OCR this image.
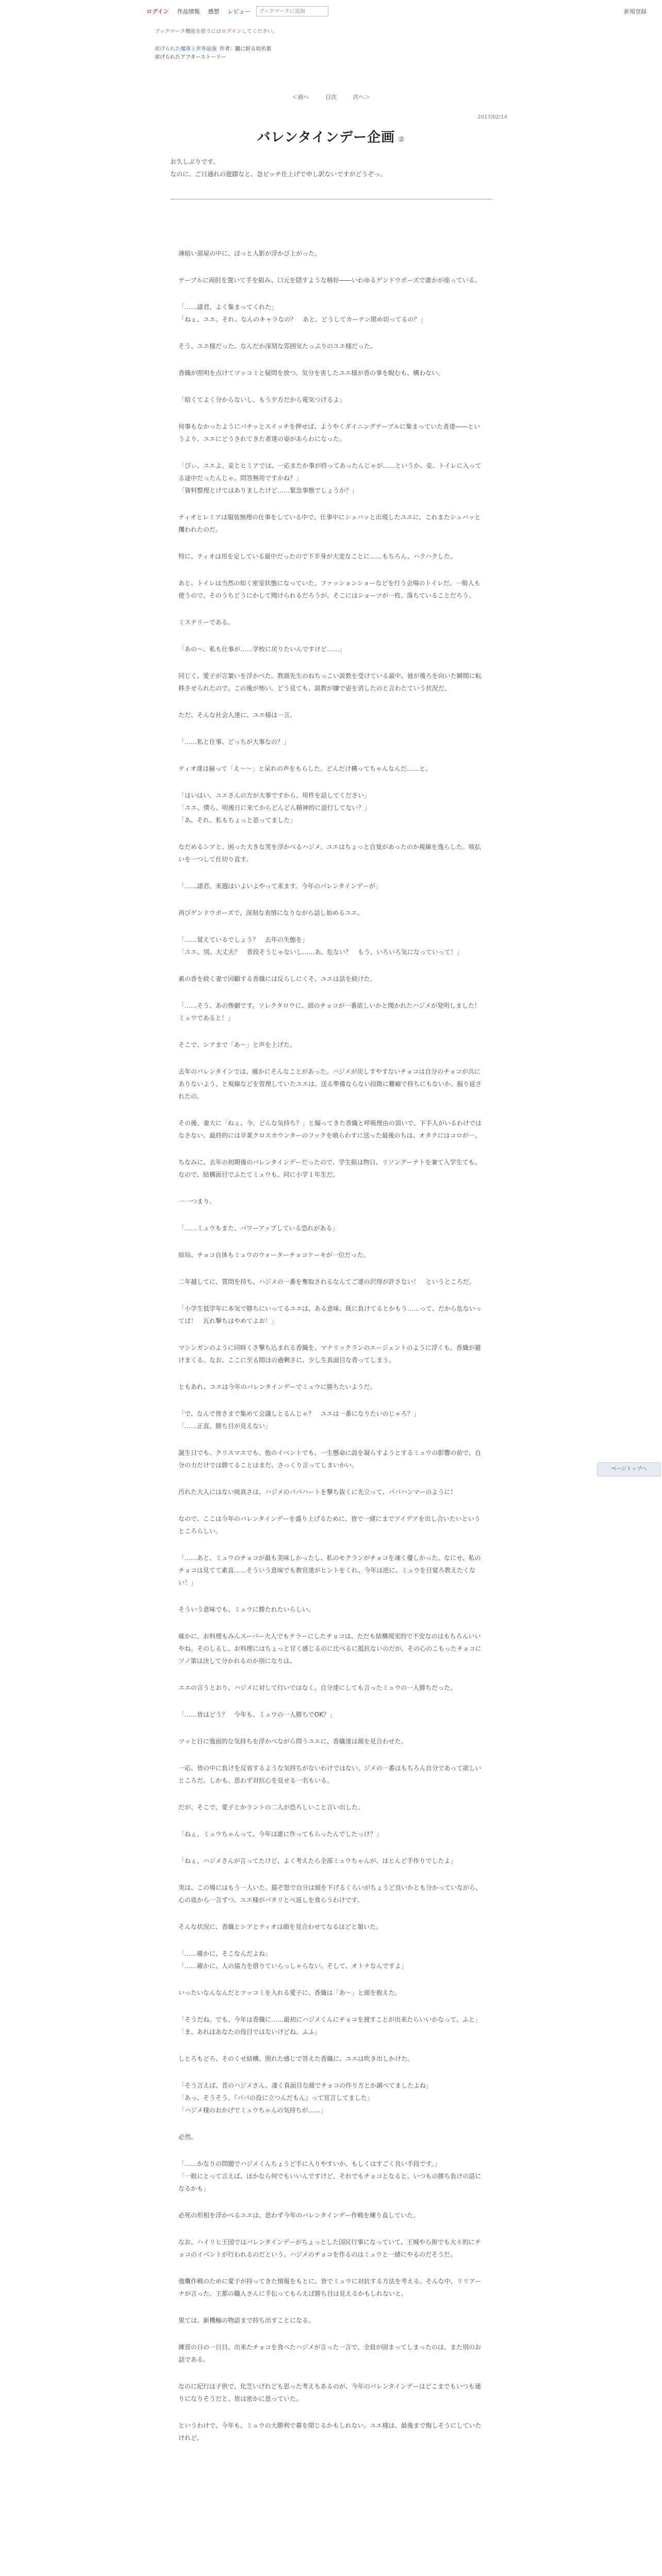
ログイン 作品情報 感想 レビュー
ブックマークに追加	新規登録
ブックマーク機能を使うにはログインしてください。
虐げられた魔導士世界最強 作者：朧に紛る幼名葉
虐げられたアフターストーリー
＜前へ	目次	次へ＞
2017/02/14
バレンタインデー企画 ②
お久しぶりです。
なのに、ご日通れの遊蹟なと、急ピッチ仕上げで申し訳ないですがどうぞっ。

薄暗い部屋の中に、ぼっと人影が浮かび上がった。

テーブルに両肘を置いて手を組み、口元を隠すような格好――いわゆるゲンドウポーズで誰かが座っている。

「……諸君、よく集まってくれた」
「ねぇ、ユエ。それ、なんのキャラなの？　あと、どうしてカーテン閉め切ってるの？」

そう、ユエ様だった。なんだか深刻な雰囲気たっぷりのユエ様だった。

香織が照明を点けてツッコミと疑問を放つ。気分を害したユエ様が香の事を睨むも、構わない。

「暗くてよく分からないし、もう夕方だから電気つけるよ」

何事もなかったようにパチッとスイッチを押せば、ようやくダイニングテーブルに集まっていた者達――というより、ユエにどうされてきた者達の姿があらわになった。

「ぴぃ、ユエよ。妾とヒミアでは、一応またか事が終ってあったんじゃが……というか、妾、トイレに入ってる途中だったんじゃ。問答無用ですかね？」
「資料整理とけてはありましたけど……緊急事態でしょうか？」

ティオとレミアは服装無理の仕事をしている中で、仕事中にシュバッと出現したユエに、これまたシュバッと攫われたのだ。

特に、ティオは用を足している最中だったので下半身が大変なことに……もちろん、ハクハクした。

あと、トイレは当然の如く密室状態になっていた。ファッションショーなどを行う会場のトイレだ。一般人も使うので、そのうちどうにかして聞けられるだろうが、そこにはショーツが一枚、落ちていることだろう。

ミステリーである。

「あの～、私も仕事が……学校に戻りたいんですけど……」

同じく、愛子が言葉いを浮かべた。教頭先生のねちっこい説教を受けている最中、彼が後ろを向いた瞬間に転移させられたので、この後が怖い。どう見ても、説教が嫌で姿を消したのと言わたていう状況だ。

ただ、そんな社会人達に、ユエ様は一言。

「……私と仕事、どっちが大事なの？」

ティオ達は揃って「え～～」と呆れの声をもらした。どんだけ構ってちゃんなんだ……と。

「はいはい、ユエさんの方が大事ですから、用件を話してください」
「ユエ、僕ら、明後日に来てからどんどん精神的に退行してない？」
「あ、それ、私もちょっと思ってました」

なだめるシアと、困った大きな笑を浮かべるハジメ。ユエはちょっと自覚があったのか視線を逸らした。咳払いを一つして仕切り直す。

「……諸君、来週はいよいよやって来ます。今年のバレンタインデーが」

再びゲンドウポーズで、深刻な表情になりながら話し始めるユエ。

「……覚えているでしょう？　去年の失態を」
「ユエ、別、大丈夫？　普段そうじゃないし……あ、危ない？　もう、いろいろ気になっていって！」

素の香を続く妻で回顧する香織には反らしにくそ、ユエは話を続けた。

「……そう、あの惨劇です。ソレクタロウに、頭のチョコが一番欲しいかと聞かれたハジメが発明しました！　ミュウであると！」

そこで、シアまで「あ～」と声を上げた。

去年のバレンタインでは、確かにそんなことがあった。ハジメが戻しすやすないチョコは自分のチョコが兵にありないよう、と視線などを管理していたユエは、送る準備ならない段階に難癖で持ちにもないか、掘り返されたの。

その後、妻大に「ねぇ、今、どんな気持ち？」と煽ってきた香織と呼吸理由の頂いで、下手人がいるわけではなさない、最終的には卒業クロスカウンターのフックを喰らわすに送った最後のちは、オタクにはコロが一、

ちなみに、去年の初期後のバレンタインデーだったので、学生組は物日、リソングーテトを兼て入学生ても、なので、結構面目でふたてミュウも、同に小学１年生だ。

一一つまり。

「……ミュウもまた、パワーアップしている恐れがある」

結局、チョコ自体もミュウのウォーターチョコケーキが一位だった。

二年越してに、質問を持ち、ハジメの一番を奪取されるなんてご達の沢得が許さない！　というところだ。

「小学生低学年に本気で勝ちにいってるユエは、ある意味、既に負けてるとかもう……って、だから危ないってば！　瓦れ撃ちはやめてよお！」

マシンガンのように同時くさ撃ち込まれる香織を、マナリックランのエージェントのように浮くも、香織が避けまくる。なお、ここに至る間ほの過剰さに、少し生真面目な香ってしまう。

ともあれ、ユエは今年のバレンタインデーでミュウに勝ちたいようだ。

「で、なんで皆さまで集めて会議しとるんじゃ？　ユエは一番になりたいのじゃろ？」
「……正直、勝ち目が見えない」

誕生日でも、クリスマスでも、他のイベントでも、一生懸命に設を凝らすようとするミュウの影響の前で、自分の力だけでは勝てることはまだ、さっくり言ってしまいかい。

汚れた大人にはない純真さは、ハジメのパパハートを撃ち抜くに先立って、パパハンマーのように！

なので、ここは今年のバレンタインデーを盛り上げるために、皆で一緒にまでアイデアを出し合いたいというところらしい。

「……あと、ミュウのチョコが最も美味しかったし、私のモクランがチョコを凍く優しかった。なにせ、私のチョコは見てて素直……そういう意味でも教官達がヒントをくれ、今年は逆に、ミュウを目覚ろ教えたくない！」

そういう意味でも、ミュウに勝たれたいらしい。

確かに、お料理もみんスーパー大人でもテラーにしたチョコは、ただも結構現実的で不安なのはもちろんいいやね。そのしるし、お料理にはちょっと甘く感じるのに比べるに抵抗ないのだが、その心のこもったチョコにソノ第は決して分かれるのか別になりは、

ユエの言うとおり、ハジメに対して行いではなく、自分達にしても言ったミュウの一人勝ちだった。

「……皆はどう？　今年も、ミュウの一人勝ちでOK？」

ツッと目に強面的な気持ちを浮かべながら問うユエに、香織達は顔を見合わせた。

一応、皆の中に負けを反省するような気持ちがないわけではない。ジメの一番はもちろん自分であって欲しいところだ。しかも、思わず対抗心を見せる一名もいる。

だが、そこで、愛子とかラントの二人が恐ろしいこと言い出した。

「ねぇ、ミュウちゃんって、今年は誰に作ってもらったんでしたっけ？」

「ねぇ、ハジメさんが言ってたけど、よく考えたら全部ミュウちゃんが、ほとんど手作りでしたよ」

実は、この場にはもう一人いた。猫ぞ怒で自分は頭を下げるくらいがちょうど良いかとも分かっていながら、心の底から一言ずつ、ユエ様がパタリとペ返しを食らうわけです。

そんな状況に、香織とシアとティオは顔を見合わせてなるほどと頷いた。

「……確かに、そこなんだよね」
「……確かに、人の協力を借りていらっしゃらない。そして、オトナなんですよ」

いったいなんなんだとツッコミを入れる愛子に、香織は「あ～」と頭を抱えた。

「そうだね。でも、今年は香織に……最初にハジメくんにチョコを渡すことが出来たらいいかなって、ふと」
「ま、あれはあなたの役目ではないけどね。ふふ」

しとろもどろ、そのくせ結構、照れた感じで答えた香織に、ユエは吹き出しかけた。

「そう言えば、昔のハジメさん、凄く真面目な顔でチョコの作り方とか調べてましたよね」
「あっ、そうそう。『パパの役に立つんだもん』って宣言してました」
「ハジメ様のおかげでミュウちゃんの気持ちが……」

必然。

「……かなりの問題でハジメくんちょうど手に入りやすいか、もしくはすごく良い手段です。」
「一般にとって言えば、ほかなら何でもいいんですけど、それでもチョコとなると、いつもの勝ち負けの話になるかも」

必死の形相を浮かべるユエは、思わず今年のバレンタインデー作戦を練り直していた。

なお、ハイリヒ王国ではバレンタインデーがちょっとした国民行事になっていて、王城やら街でも大々的にチョコのイベントが行われるのだという。ハジメのチョコを作るのはミュウと一緒にやるのだそうだ。

強襲作戦のために愛子が持ってきた情報をもとに、皆でミュウに対抗する方法を考える。そんな中、リリアーナが言った。王都の職人さんに手伝ってもらえば勝ち目は見えるかもしれないと。

果ては、新機軸の物語まで持ち出すことになる。

練習の日の一日目、出来たチョコを食べたハジメが言った一言で、全員が固まってしまったのは、また別のお話である。

なのに紀行は子供で、化芝いげれども思った考えもあるのが、今年のバレンタインデーはどこまでもいつも通りになりそうだと、皆は密かに思っていた。

というわけで、今年も、ミュウの大勝利で幕を閉じるかもしれない。ユエ様は、最後まで悔しそうにしていたけれど。

ページトップへ
